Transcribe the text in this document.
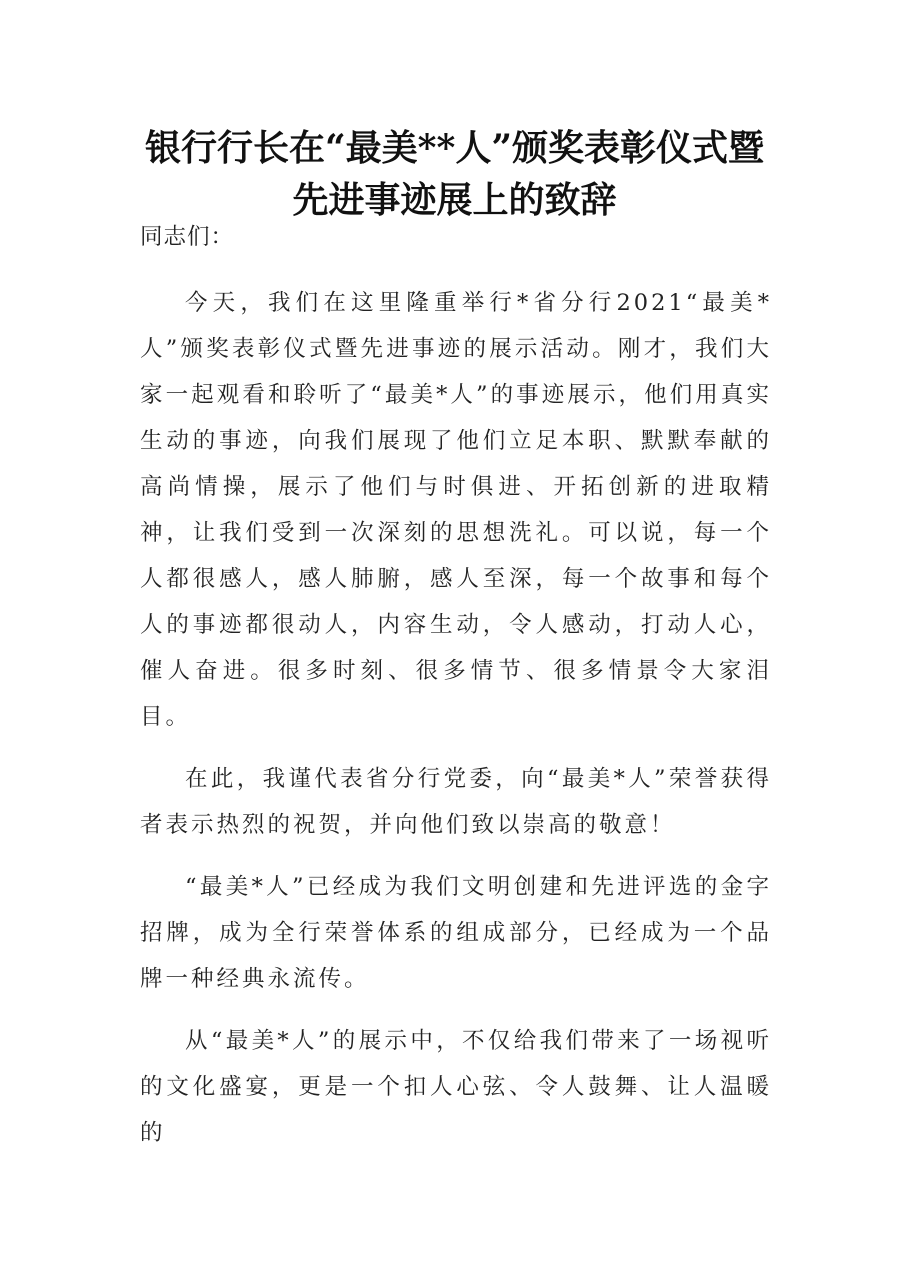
银行行长在“最美**人”颁奖表彰仪式暨
先进事迹展上的致辞

同志们：

今天，我们在这里隆重举行*省分行2021“最美*人”颁奖表彰仪式暨先进事迹的展示活动。刚才，我们大家一起观看和聆听了“最美*人”的事迹展示，他们用真实生动的事迹，向我们展现了他们立足本职、默默奉献的高尚情操，展示了他们与时俱进、开拓创新的进取精神，让我们受到一次深刻的思想洗礼。可以说，每一个人都很感人，感人肺腑，感人至深，每一个故事和每个人的事迹都很动人，内容生动，令人感动，打动人心，催人奋进。很多时刻、很多情节、很多情景令大家泪目。

在此，我谨代表省分行党委，向“最美*人”荣誉获得者表示热烈的祝贺，并向他们致以崇高的敬意！

“最美*人”已经成为我们文明创建和先进评选的金字招牌，成为全行荣誉体系的组成部分，已经成为一个品牌一种经典永流传。

从“最美*人”的展示中，不仅给我们带来了一场视听的文化盛宴，更是一个扣人心弦、令人鼓舞、让人温暖的
